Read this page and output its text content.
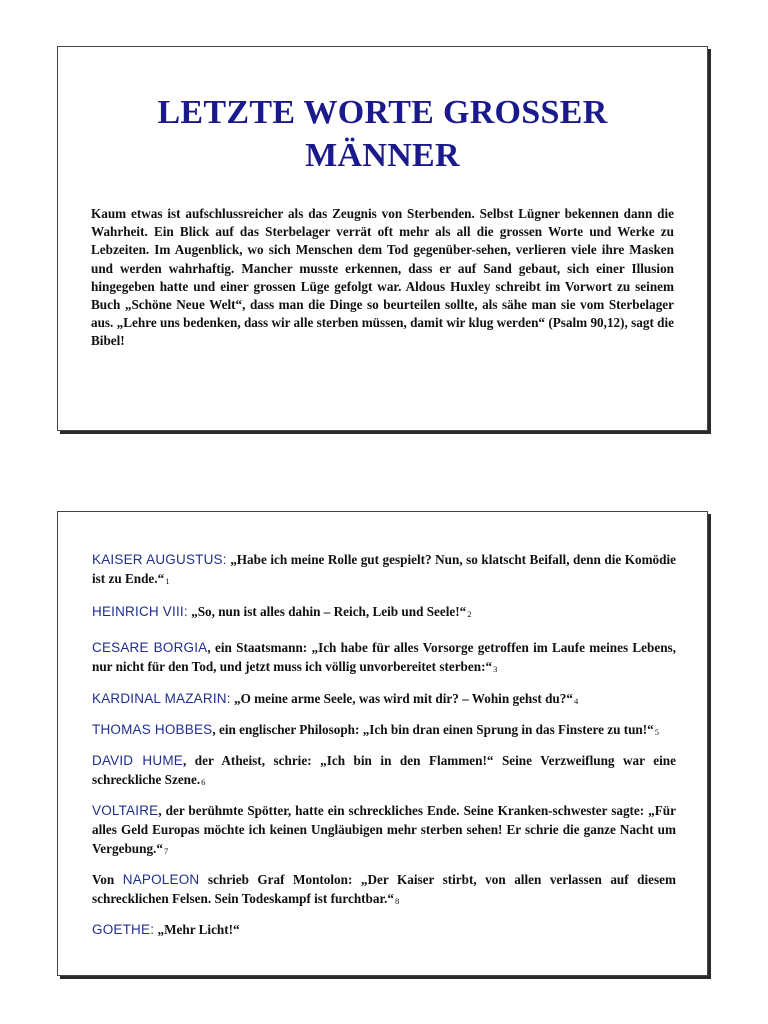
LETZTE WORTE GROSSER
MÄNNER

Kaum etwas ist aufschlussreicher als das Zeugnis von Sterbenden. Selbst Lügner bekennen dann die Wahrheit. Ein Blick auf das Sterbelager verrät oft mehr als all die grossen Worte und Werke zu Lebzeiten. Im Augenblick, wo sich Menschen dem Tod gegenüber-sehen, verlieren viele ihre Masken und werden wahrhaftig. Mancher musste erkennen, dass er auf Sand gebaut, sich einer Illusion hingegeben hatte und einer grossen Lüge gefolgt war. Aldous Huxley schreibt im Vorwort zu seinem Buch „Schöne Neue Welt“, dass man die Dinge so beurteilen sollte, als sähe man sie vom Sterbelager aus. „Lehre uns bedenken, dass wir alle sterben müssen, damit wir klug werden“ (Psalm 90,12), sagt die Bibel!

KAISER AUGUSTUS: „Habe ich meine Rolle gut gespielt? Nun, so klatscht Beifall, denn die Komödie ist zu Ende.“1

HEINRICH VIII: „So, nun ist alles dahin – Reich, Leib und Seele!“2

CESARE BORGIA, ein Staatsmann: „Ich habe für alles Vorsorge getroffen im Laufe meines Lebens, nur nicht für den Tod, und jetzt muss ich völlig unvorbereitet sterben:“3

KARDINAL MAZARIN: „O meine arme Seele, was wird mit dir? – Wohin gehst du?“4

THOMAS HOBBES, ein englischer Philosoph: „Ich bin dran einen Sprung in das Finstere zu tun!“5

DAVID HUME, der Atheist, schrie: „Ich bin in den Flammen!“ Seine Verzweiflung war eine schreckliche Szene.6

VOLTAIRE, der berühmte Spötter, hatte ein schreckliches Ende. Seine Kranken-schwester sagte: „Für alles Geld Europas möchte ich keinen Ungläubigen mehr sterben sehen! Er schrie die ganze Nacht um Vergebung.“7

Von NAPOLEON schrieb Graf Montolon: „Der Kaiser stirbt, von allen verlassen auf diesem schrecklichen Felsen. Sein Todeskampf ist furchtbar.“8

GOETHE: „Mehr Licht!“
